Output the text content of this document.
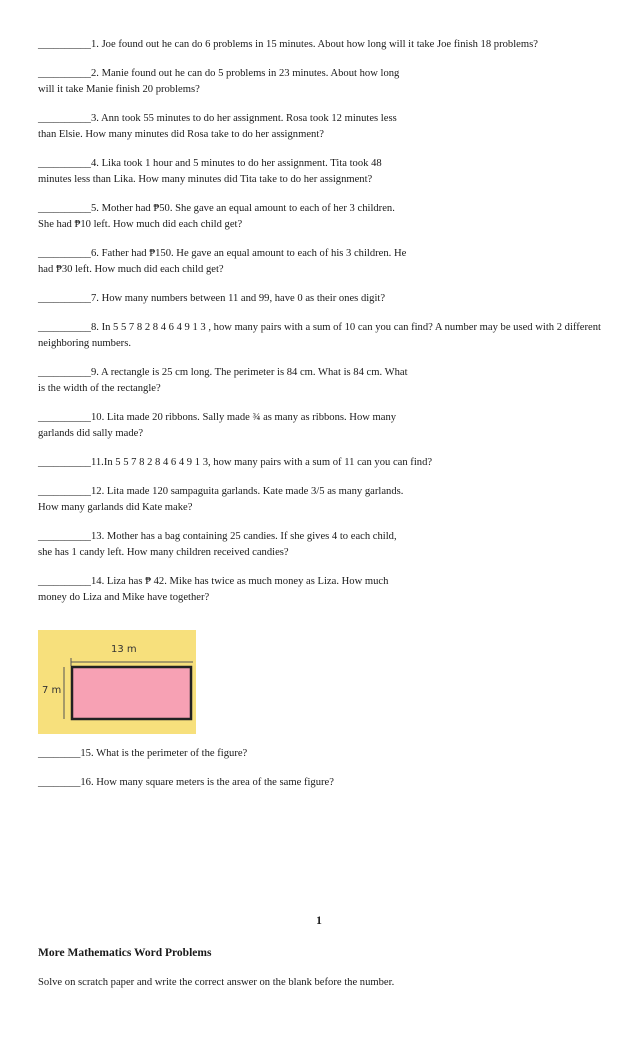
__________1. Joe found out he can do 6 problems in 15 minutes. About how long will it take Joe finish 18 problems?
__________2. Manie found out he can do 5 problems in 23 minutes. About how long
will it take Manie finish 20 problems?
__________3. Ann took 55 minutes to do her assignment. Rosa took 12 minutes less
than Elsie. How many minutes did Rosa take to do her assignment?
__________4. Lika took 1 hour and 5 minutes to do her assignment. Tita took 48
minutes less than Lika. How many minutes did Tita take to do her assignment?
__________5. Mother had ₱50. She gave an equal amount to each of her 3 children.
She had ₱10 left. How much did each child get?
__________6. Father had ₱150. He gave an equal amount to each of his 3 children. He
had ₱30 left. How much did each child get?
__________7. How many numbers between 11 and 99, have 0 as their ones digit?
__________8. In 5 5 7 8 2 8 4 6 4 9 1 3 , how many pairs with a sum of 10 can you can find? A number may be used with 2 different neighboring numbers.
__________9. A rectangle is 25 cm long. The perimeter is 84 cm. What is 84 cm. What
is the width of the rectangle?
__________10. Lita made 20 ribbons. Sally made ¾ as many as ribbons. How many
garlands did sally made?
__________11.In 5 5 7 8 2 8 4 6 4 9 1 3, how many pairs with a sum of 11 can you can find?
__________12. Lita made 120 sampaguita garlands. Kate made 3/5 as many garlands.
How many garlands did Kate make?
__________13. Mother has a bag containing 25 candies. If she gives 4 to each child,
she has 1 candy left. How many children received candies?
__________14. Liza has ₱ 42. Mike has twice as much money as Liza. How much
money do Liza and Mike have together?
13 m
7 m
________15. What is the perimeter of the figure?
________16. How many square meters is the area of the same figure?
1
More Mathematics Word Problems
Solve on scratch paper and write the correct answer on the blank before the number.
